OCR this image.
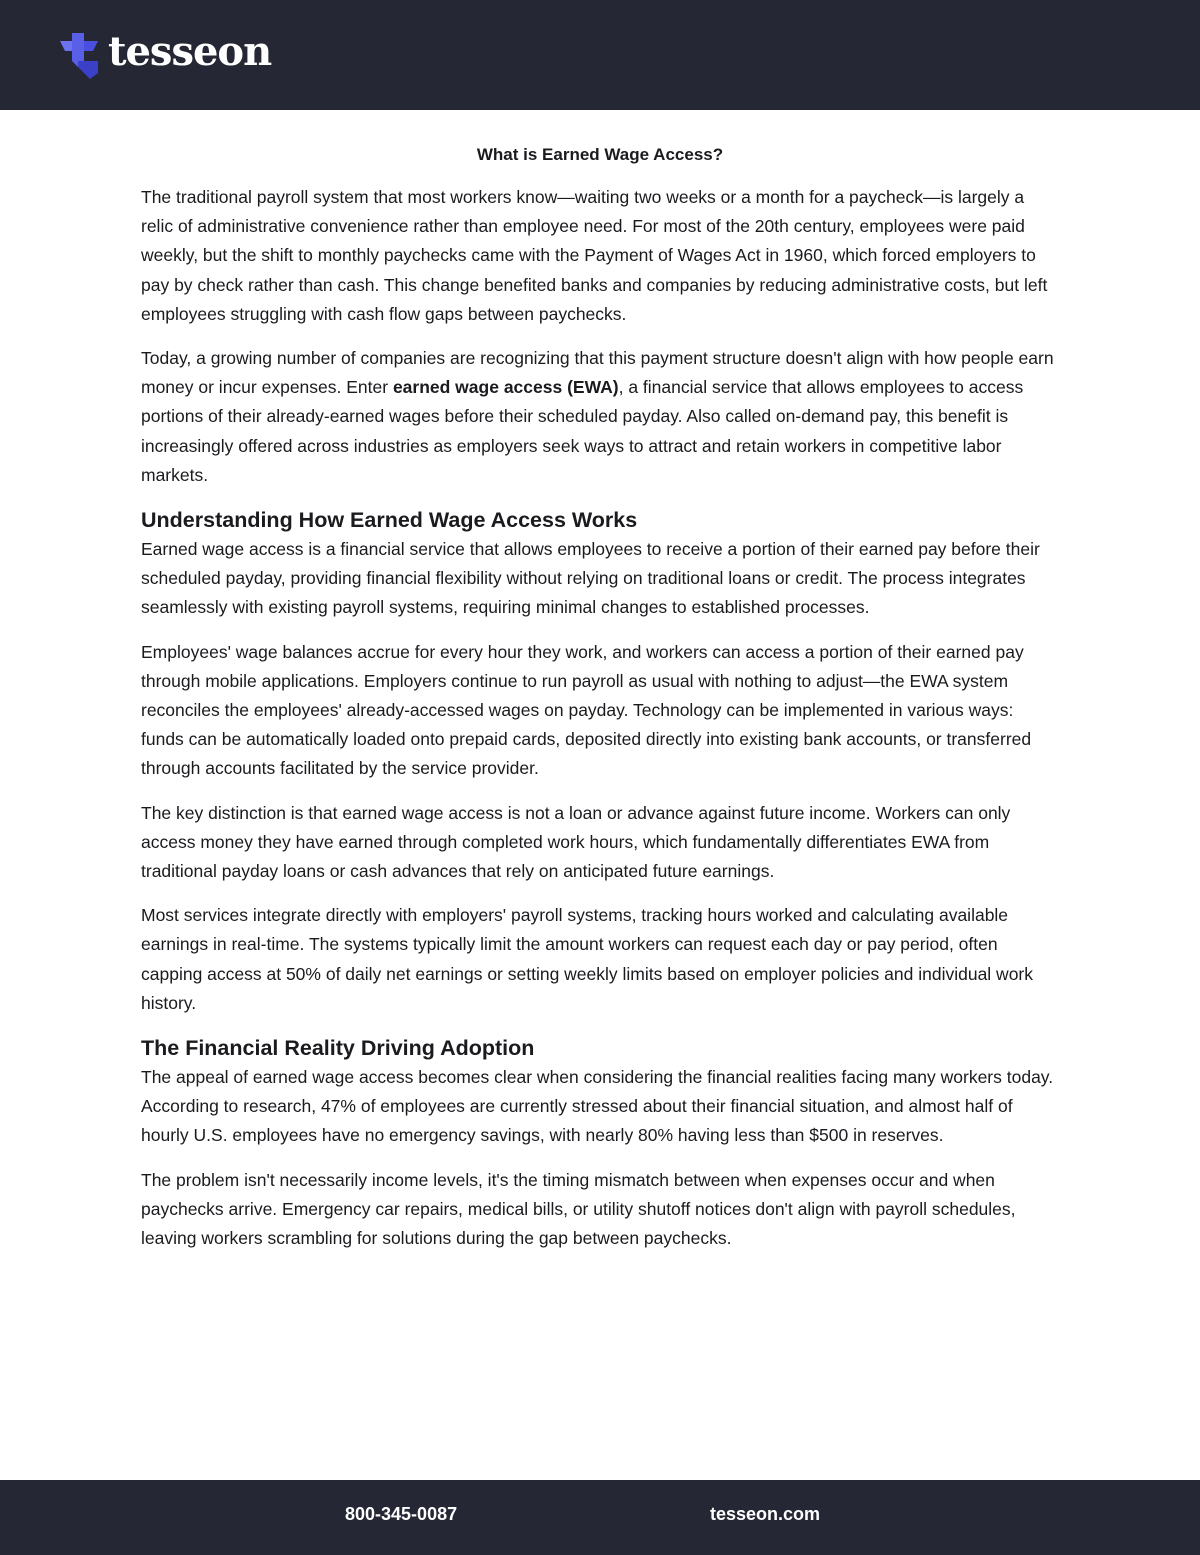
tesseon
What is Earned Wage Access?

The traditional payroll system that most workers know—waiting two weeks or a month for a paycheck—is largely a relic of administrative convenience rather than employee need. For most of the 20th century, employees were paid weekly, but the shift to monthly paychecks came with the Payment of Wages Act in 1960, which forced employers to pay by check rather than cash. This change benefited banks and companies by reducing administrative costs, but left employees struggling with cash flow gaps between paychecks.

Today, a growing number of companies are recognizing that this payment structure doesn't align with how people earn money or incur expenses. Enter earned wage access (EWA), a financial service that allows employees to access portions of their already-earned wages before their scheduled payday. Also called on-demand pay, this benefit is increasingly offered across industries as employers seek ways to attract and retain workers in competitive labor markets.

Understanding How Earned Wage Access Works

Earned wage access is a financial service that allows employees to receive a portion of their earned pay before their scheduled payday, providing financial flexibility without relying on traditional loans or credit. The process integrates seamlessly with existing payroll systems, requiring minimal changes to established processes.

Employees' wage balances accrue for every hour they work, and workers can access a portion of their earned pay through mobile applications. Employers continue to run payroll as usual with nothing to adjust—the EWA system reconciles the employees' already-accessed wages on payday. Technology can be implemented in various ways: funds can be automatically loaded onto prepaid cards, deposited directly into existing bank accounts, or transferred through accounts facilitated by the service provider.

The key distinction is that earned wage access is not a loan or advance against future income. Workers can only access money they have earned through completed work hours, which fundamentally differentiates EWA from traditional payday loans or cash advances that rely on anticipated future earnings.

Most services integrate directly with employers' payroll systems, tracking hours worked and calculating available earnings in real-time. The systems typically limit the amount workers can request each day or pay period, often capping access at 50% of daily net earnings or setting weekly limits based on employer policies and individual work history.

The Financial Reality Driving Adoption

The appeal of earned wage access becomes clear when considering the financial realities facing many workers today. According to research, 47% of employees are currently stressed about their financial situation, and almost half of hourly U.S. employees have no emergency savings, with nearly 80% having less than $500 in reserves.

The problem isn't necessarily income levels, it's the timing mismatch between when expenses occur and when paychecks arrive. Emergency car repairs, medical bills, or utility shutoff notices don't align with payroll schedules, leaving workers scrambling for solutions during the gap between paychecks.

800-345-0087	tesseon.com
